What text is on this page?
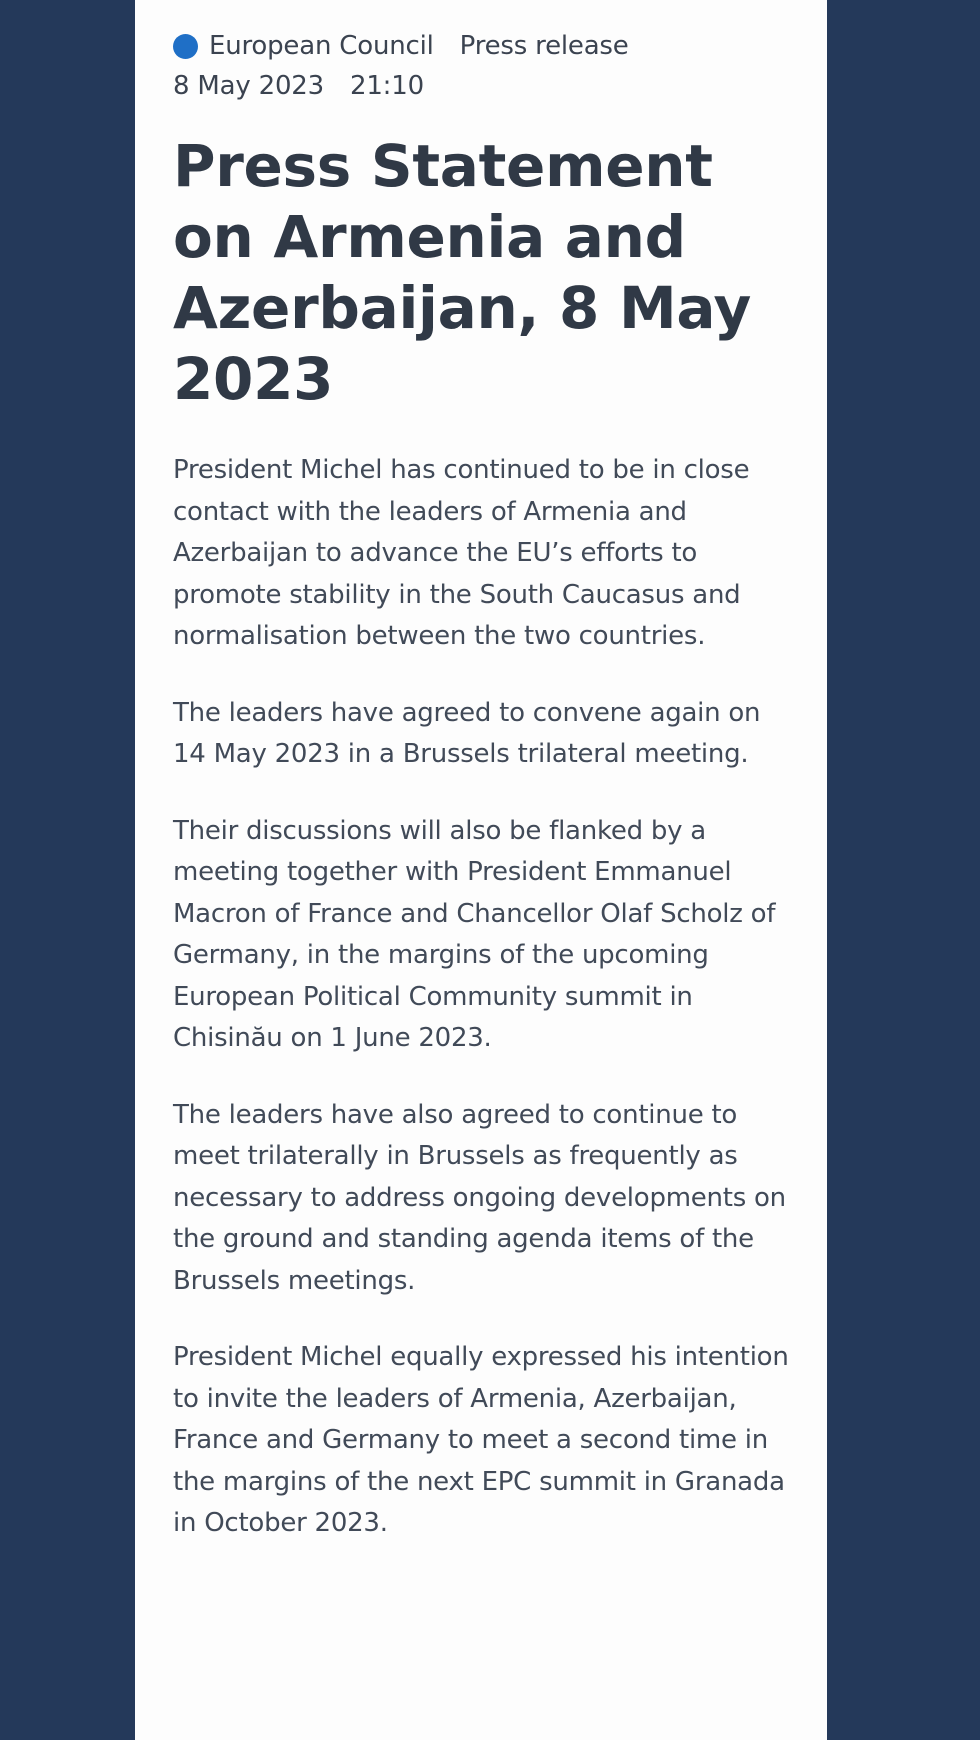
European Council Press release
8 May 2023 21:10
Press Statement on Armenia and Azerbaijan, 8 May 2023

President Michel has continued to be in close contact with the leaders of Armenia and Azerbaijan to advance the EU’s efforts to promote stability in the South Caucasus and normalisation between the two countries.

The leaders have agreed to convene again on 14 May 2023 in a Brussels trilateral meeting.

Their discussions will also be flanked by a meeting together with President Emmanuel Macron of France and Chancellor Olaf Scholz of Germany, in the margins of the upcoming European Political Community summit in Chisinău on 1 June 2023.

The leaders have also agreed to continue to meet trilaterally in Brussels as frequently as necessary to address ongoing developments on the ground and standing agenda items of the Brussels meetings.

President Michel equally expressed his intention to invite the leaders of Armenia, Azerbaijan, France and Germany to meet a second time in the margins of the next EPC summit in Granada in October 2023.
